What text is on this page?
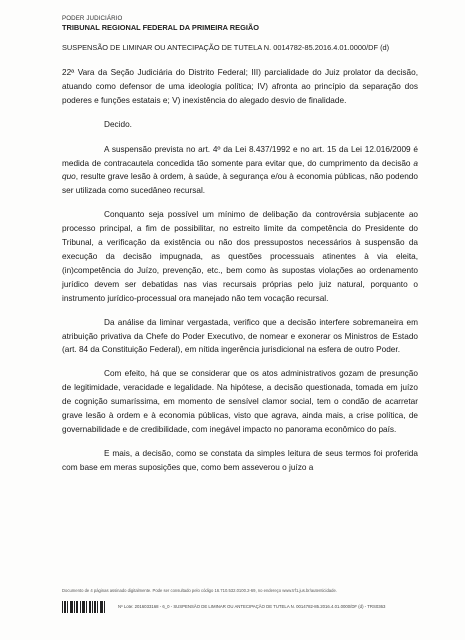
PODER JUDICIÁRIO
TRIBUNAL REGIONAL FEDERAL DA PRIMEIRA REGIÃO
SUSPENSÃO DE LIMINAR OU ANTECIPAÇÃO DE TUTELA N. 0014782-85.2016.4.01.0000/DF (d)

22ª Vara da Seção Judiciária do Distrito Federal; III) parcialidade do Juiz prolator da decisão, atuando como defensor de uma ideologia política; IV) afronta ao princípio da separação dos poderes e funções estatais e; V) inexistência do alegado desvio de finalidade.

Decido.

A suspensão prevista no art. 4º da Lei 8.437/1992 e no art. 15 da Lei 12.016/2009 é medida de contracautela concedida tão somente para evitar que, do cumprimento da decisão a quo, resulte grave lesão à ordem, à saúde, à segurança e/ou à economia públicas, não podendo ser utilizada como sucedâneo recursal.

Conquanto seja possível um mínimo de delibação da controvérsia subjacente ao processo principal, a fim de possibilitar, no estreito limite da competência do Presidente do Tribunal, a verificação da existência ou não dos pressupostos necessários à suspensão da execução da decisão impugnada, as questões processuais atinentes à via eleita, (in)competência do Juízo, prevenção, etc., bem como às supostas violações ao ordenamento jurídico devem ser debatidas nas vias recursais próprias pelo juiz natural, porquanto o instrumento jurídico-processual ora manejado não tem vocação recursal.

Da análise da liminar vergastada, verifico que a decisão interfere sobremaneira em atribuição privativa da Chefe do Poder Executivo, de nomear e exonerar os Ministros de Estado (art. 84 da Constituição Federal), em nítida ingerência jurisdicional na esfera de outro Poder.

Com efeito, há que se considerar que os atos administrativos gozam de presunção de legitimidade, veracidade e legalidade. Na hipótese, a decisão questionada, tomada em juízo de cognição sumaríssima, em momento de sensível clamor social, tem o condão de acarretar grave lesão à ordem e à economia públicas, visto que agrava, ainda mais, a crise política, de governabilidade e de credibilidade, com inegável impacto no panorama econômico do país.

E mais, a decisão, como se constata da simples leitura de seus termos foi proferida com base em meras suposições que, como bem asseverou o juízo a

Documento de 4 páginas assinado digitalmente. Pode ser consultado pelo código 16.710.532.0100.2-69, no endereço www.trf1.jus.br/autenticidade.
Nº Lote: 2016033168 - 6_0 - SUSPENSÃO DE LIMINAR OU ANTECIPAÇÃO DE TUTELA N. 0014782-85.2016.4.01.0000/DF (d) - TRS0363
